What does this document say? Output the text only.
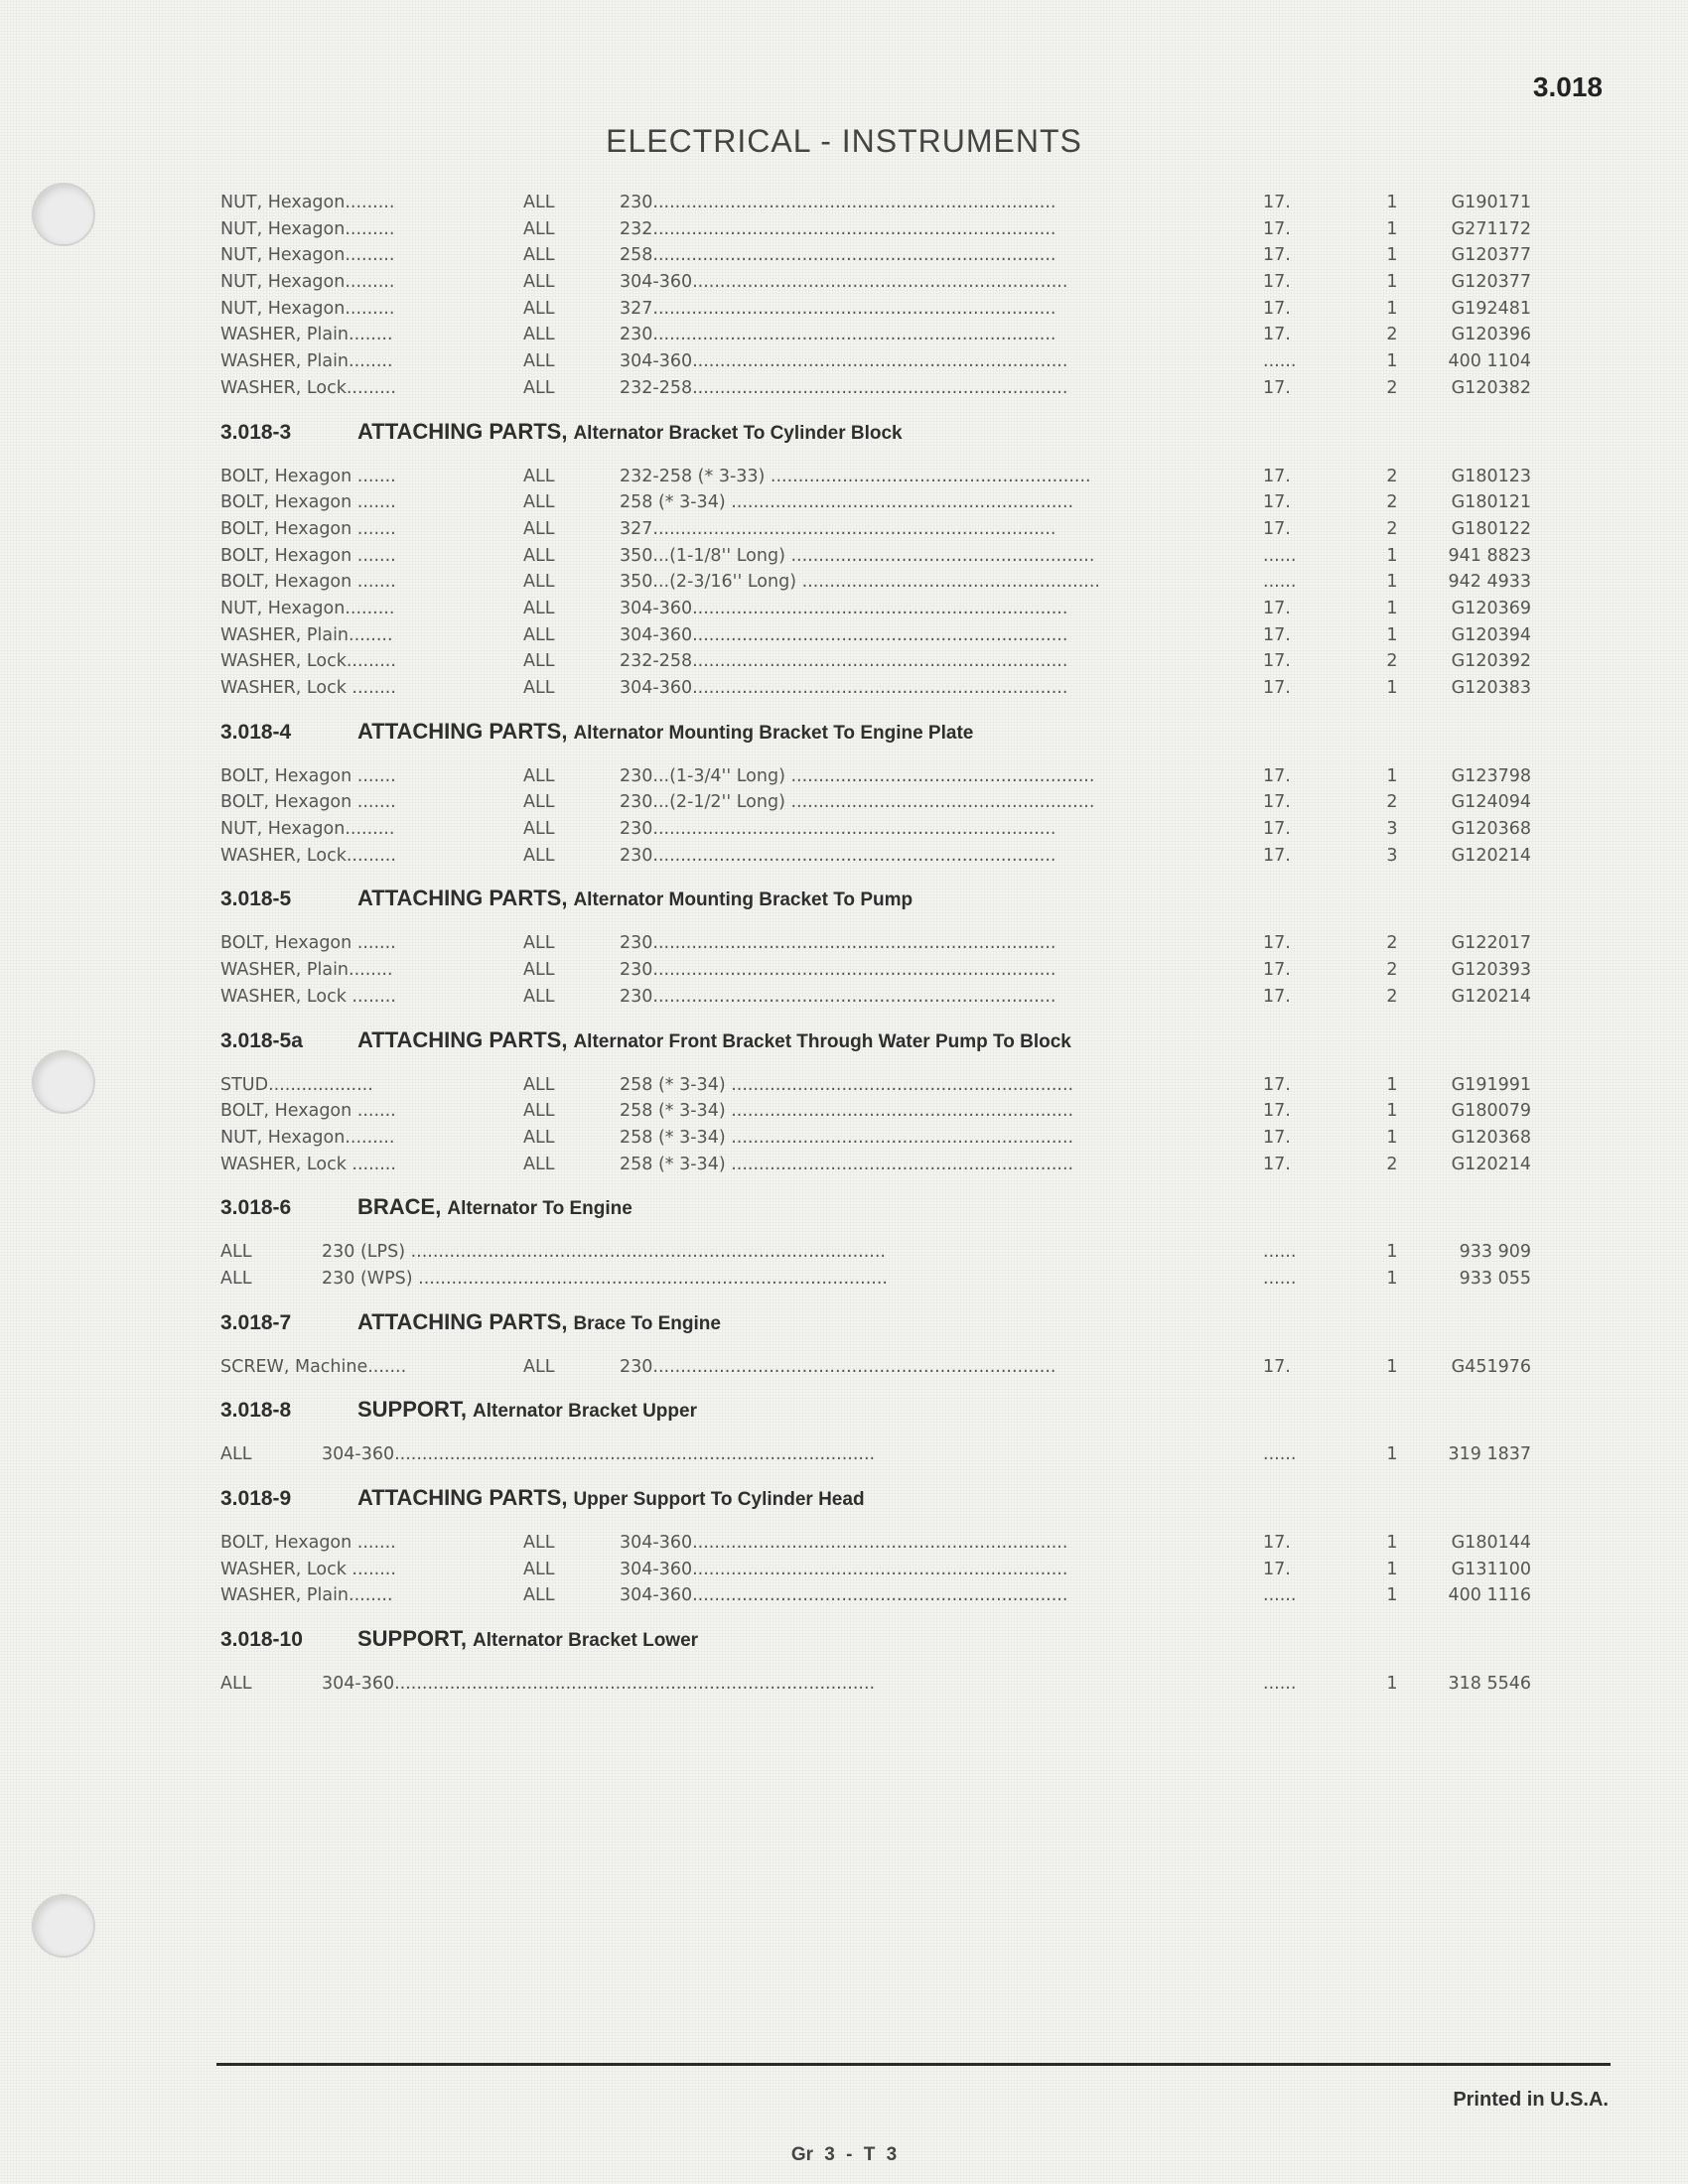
3.018
ELECTRICAL - INSTRUMENTS
NUT, Hexagon.........	ALL	230.........................................................................	17.	1	G190171
NUT, Hexagon.........	ALL	232.........................................................................	17.	1	G271172
NUT, Hexagon.........	ALL	258.........................................................................	17.	1	G120377
NUT, Hexagon.........	ALL	304-360....................................................................	17.	1	G120377
NUT, Hexagon.........	ALL	327.........................................................................	17.	1	G192481
WASHER, Plain........	ALL	230.........................................................................	17.	2	G120396
WASHER, Plain........	ALL	304-360....................................................................	......	1	400 1104
WASHER, Lock.........	ALL	232-258....................................................................	17.	2	G120382
3.018-3	ATTACHING PARTS, Alternator Bracket To Cylinder Block
BOLT, Hexagon .......	ALL	232-258 (* 3-33) ..........................................................	17.	2	G180123
BOLT, Hexagon .......	ALL	258 (* 3-34) ..............................................................	17.	2	G180121
BOLT, Hexagon .......	ALL	327.........................................................................	17.	2	G180122
BOLT, Hexagon .......	ALL	350...(1-1/8'' Long) .......................................................	......	1	941 8823
BOLT, Hexagon .......	ALL	350...(2-3/16'' Long) ......................................................	......	1	942 4933
NUT, Hexagon.........	ALL	304-360....................................................................	17.	1	G120369
WASHER, Plain........	ALL	304-360....................................................................	17.	1	G120394
WASHER, Lock.........	ALL	232-258....................................................................	17.	2	G120392
WASHER, Lock ........	ALL	304-360....................................................................	17.	1	G120383
3.018-4	ATTACHING PARTS, Alternator Mounting Bracket To Engine Plate
BOLT, Hexagon .......	ALL	230...(1-3/4'' Long) .......................................................	17.	1	G123798
BOLT, Hexagon .......	ALL	230...(2-1/2'' Long) .......................................................	17.	2	G124094
NUT, Hexagon.........	ALL	230.........................................................................	17.	3	G120368
WASHER, Lock.........	ALL	230.........................................................................	17.	3	G120214
3.018-5	ATTACHING PARTS, Alternator Mounting Bracket To Pump
BOLT, Hexagon .......	ALL	230.........................................................................	17.	2	G122017
WASHER, Plain........	ALL	230.........................................................................	17.	2	G120393
WASHER, Lock ........	ALL	230.........................................................................	17.	2	G120214
3.018-5a	ATTACHING PARTS, Alternator Front Bracket Through Water Pump To Block
STUD...................	ALL	258 (* 3-34) ..............................................................	17.	1	G191991
BOLT, Hexagon .......	ALL	258 (* 3-34) ..............................................................	17.	1	G180079
NUT, Hexagon.........	ALL	258 (* 3-34) ..............................................................	17.	1	G120368
WASHER, Lock ........	ALL	258 (* 3-34) ..............................................................	17.	2	G120214
3.018-6	BRACE, Alternator To Engine
ALL	230 (LPS) ......................................................................................	......	1	933 909
ALL	230 (WPS) .....................................................................................	......	1	933 055
3.018-7	ATTACHING PARTS, Brace To Engine
SCREW, Machine.......	ALL	230.........................................................................	17.	1	G451976
3.018-8	SUPPORT, Alternator Bracket Upper
ALL	304-360.......................................................................................	......	1	319 1837
3.018-9	ATTACHING PARTS, Upper Support To Cylinder Head
BOLT, Hexagon .......	ALL	304-360....................................................................	17.	1	G180144
WASHER, Lock ........	ALL	304-360....................................................................	17.	1	G131100
WASHER, Plain........	ALL	304-360....................................................................	......	1	400 1116
3.018-10	SUPPORT, Alternator Bracket Lower
ALL	304-360.......................................................................................	......	1	318 5546
Printed in U.S.A.
Gr 3 - T 3
